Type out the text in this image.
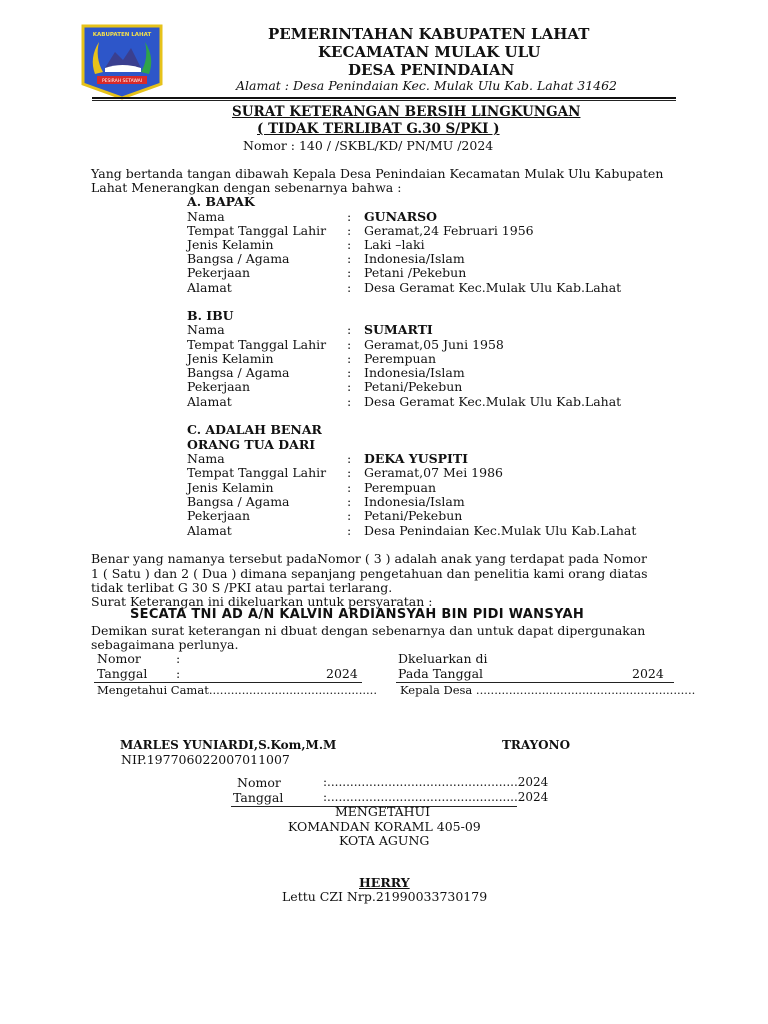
KABUPATEN LAHAT
PESIRAH SETAWAI
PEMERINTAHAN KABUPATEN LAHAT
KECAMATAN MULAK ULU
DESA PENINDAIAN
Alamat : Desa Penindaian Kec. Mulak Ulu Kab. Lahat 31462
SURAT KETERANGAN BERSIH LINGKUNGAN
( TIDAK TERLIBAT G.30 S/PKI )
Nomor : 140 / /SKBL/KD/ PN/MU /2024
Yang bertanda tangan dibawah Kepala Desa Penindaian Kecamatan Mulak Ulu Kabupaten
Lahat Menerangkan dengan sebenarnya bahwa :
A. BAPAK
Nama	: GUNARSO
Tempat Tanggal Lahir : Geramat,24 Februari 1956
Jenis Kelamin	: Laki –laki
Bangsa / Agama	: Indonesia/Islam
Pekerjaan	: Petani /Pekebun
Alamat	: Desa Geramat Kec.Mulak Ulu Kab.Lahat
B. IBU
Nama	: SUMARTI
Tempat Tanggal Lahir : Geramat,05 Juni 1958
Jenis Kelamin	: Perempuan
Bangsa / Agama	: Indonesia/Islam
Pekerjaan	: Petani/Pekebun
Alamat	: Desa Geramat Kec.Mulak Ulu Kab.Lahat
C. ADALAH BENAR
ORANG TUA DARI
Nama	: DEKA YUSPITI
Tempat Tanggal Lahir : Geramat,07 Mei 1986
Jenis Kelamin	: Perempuan
Bangsa / Agama	: Indonesia/Islam
Pekerjaan	: Petani/Pekebun
Alamat	: Desa Penindaian Kec.Mulak Ulu Kab.Lahat
Benar yang namanya tersebut padaNomor ( 3 ) adalah anak yang terdapat pada Nomor
1 ( Satu ) dan 2 ( Dua ) dimana sepanjang pengetahuan dan penelitia kami orang diatas
tidak terlibat G 30 S /PKI atau partai terlarang.
Surat Keterangan ini dikeluarkan untuk persyaratan :
SECATA TNI AD A/N KALVIN ARDIANSYAH BIN PIDI WANSYAH
Demikan surat keterangan ni dbuat dengan sebenarnya dan untuk dapat dipergunakan
sebagaimana perlunya.
Nomor	:
Tanggal :	2024
Mengetahui Camat..............................................
Dkeluarkan di
Pada Tanggal	2024
Kepala Desa ............................................................
MARLES YUNIARDI,S.Kom,M.M
NIP.197706022007011007
TRAYONO
Nomor	:..................................................2024
Tanggal	:..................................................2024
MENGETAHUI
KOMANDAN KORAML 405-09
KOTA AGUNG
HERRY
Lettu CZI Nrp.21990033730179
